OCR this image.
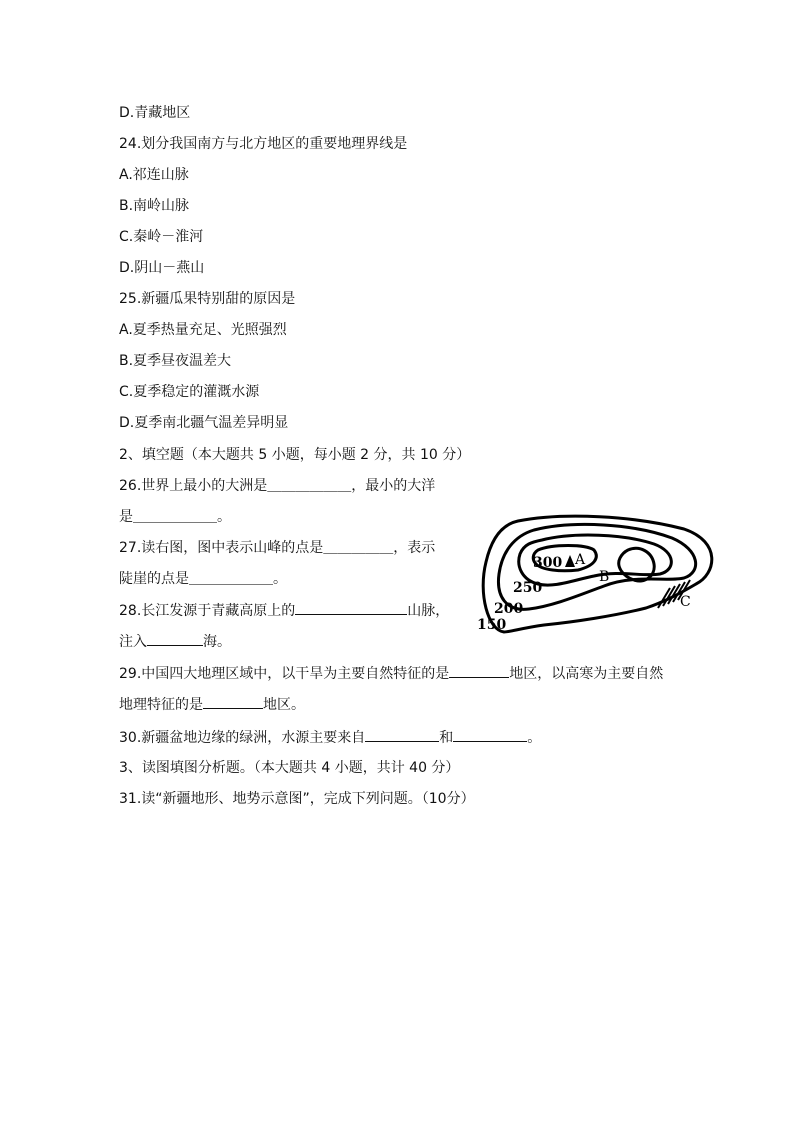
D.青藏地区
24.划分我国南方与北方地区的重要地理界线是
A.祁连山脉
B.南岭山脉
C.秦岭－淮河
D.阴山－燕山
25.新疆瓜果特别甜的原因是
A.夏季热量充足、光照强烈
B.夏季昼夜温差大
C.夏季稳定的灌溉水源
D.夏季南北疆气温差异明显
2、填空题（本大题共 5 小题，每小题 2 分，共 10 分）
26.世界上最小的大洲是＿＿＿＿＿＿，最小的大洋
是＿＿＿＿＿＿。
27.读右图，图中表示山峰的点是＿＿＿＿＿，表示
陡崖的点是＿＿＿＿＿＿。
28.长江发源于青藏高原上的	山脉，
注入	海。
29.中国四大地理区域中，以干旱为主要自然特征的是	地区，以高寒为主要自然
地理特征的是	地区。
30.新疆盆地边缘的绿洲，水源主要来自	和	。
3、读图填图分析题。（本大题共 4 小题，共计 40 分）
31.读“新疆地形、地势示意图”，完成下列问题。（10分）
300 A
B
250
200
150
C
